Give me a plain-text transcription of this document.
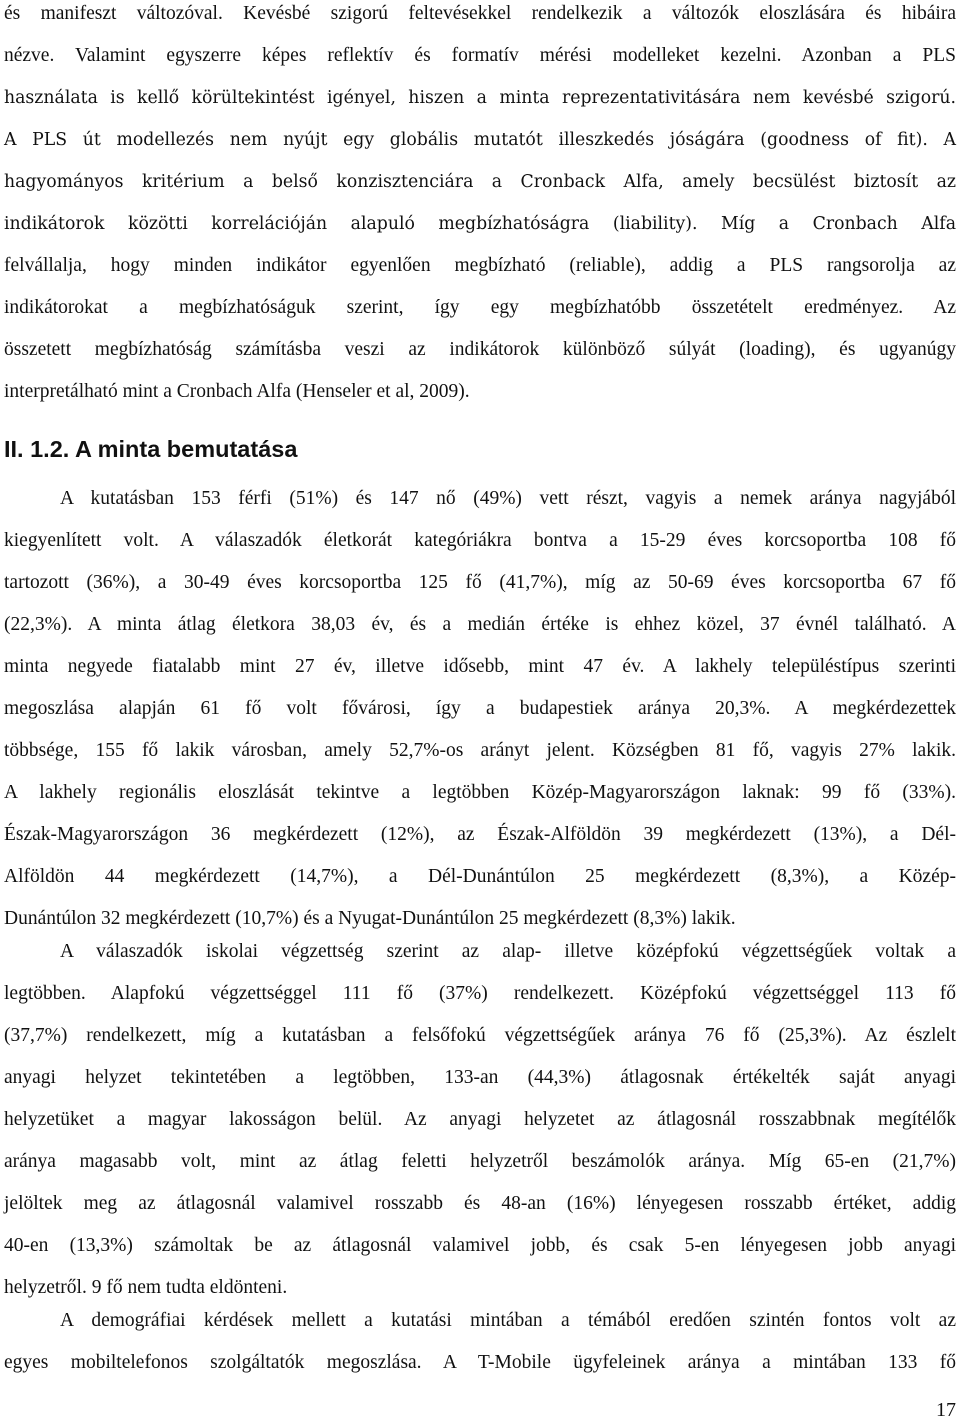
és manifeszt változóval. Kevésbé szigorú feltevésekkel rendelkezik a változók eloszlására és hibáira
nézve. Valamint egyszerre képes reflektív és formatív mérési modelleket kezelni. Azonban a PLS
használata is kellő körültekintést igényel, hiszen a minta reprezentativitására nem kevésbé szigorú.
A PLS út modellezés nem nyújt egy globális mutatót illeszkedés jóságára (goodness of fit). A
hagyományos kritérium a belső konzisztenciára a Cronback Alfa, amely becsülést biztosít az
indikátorok közötti korrelációján alapuló megbízhatóságra (liability). Míg a Cronbach Alfa
felvállalja, hogy minden indikátor egyenlően megbízható (reliable), addig a PLS rangsorolja az
indikátorokat a megbízhatóságuk szerint, így egy megbízhatóbb összetételt eredményez. Az
összetett megbízhatóság számításba veszi az indikátorok különböző súlyát (loading), és ugyanúgy
interpretálható mint a Cronbach Alfa (Henseler et al, 2009).
II. 1.2. A minta bemutatása
A kutatásban 153 férfi (51%) és 147 nő (49%) vett részt, vagyis a nemek aránya nagyjából
kiegyenlített volt. A válaszadók életkorát kategóriákra bontva a 15-29 éves korcsoportba 108 fő
tartozott (36%), a 30-49 éves korcsoportba 125 fő (41,7%), míg az 50-69 éves korcsoportba 67 fő
(22,3%). A minta átlag életkora 38,03 év, és a medián értéke is ehhez közel, 37 évnél található. A
minta negyede fiatalabb mint 27 év, illetve idősebb, mint 47 év. A lakhely településtípus szerinti
megoszlása alapján 61 fő volt fővárosi, így a budapestiek aránya 20,3%. A megkérdezettek
többsége, 155 fő lakik városban, amely 52,7%-os arányt jelent. Községben 81 fő, vagyis 27% lakik.
A lakhely regionális eloszlását tekintve a legtöbben Közép-Magyarországon laknak: 99 fő (33%).
Észak-Magyarországon 36 megkérdezett (12%), az Észak-Alföldön 39 megkérdezett (13%), a Dél-
Alföldön 44 megkérdezett (14,7%), a Dél-Dunántúlon 25 megkérdezett (8,3%), a Közép-
Dunántúlon 32 megkérdezett (10,7%) és a Nyugat-Dunántúlon 25 megkérdezett (8,3%) lakik.
A válaszadók iskolai végzettség szerint az alap- illetve középfokú végzettségűek voltak a
legtöbben. Alapfokú végzettséggel 111 fő (37%) rendelkezett. Középfokú végzettséggel 113 fő
(37,7%) rendelkezett, míg a kutatásban a felsőfokú végzettségűek aránya 76 fő (25,3%). Az észlelt
anyagi helyzet tekintetében a legtöbben, 133-an (44,3%) átlagosnak értékelték saját anyagi
helyzetüket a magyar lakosságon belül. Az anyagi helyzetet az átlagosnál rosszabbnak megítélők
aránya magasabb volt, mint az átlag feletti helyzetről beszámolók aránya. Míg 65-en (21,7%)
jelöltek meg az átlagosnál valamivel rosszabb és 48-an (16%) lényegesen rosszabb értéket, addig
40-en (13,3%) számoltak be az átlagosnál valamivel jobb, és csak 5-en lényegesen jobb anyagi
helyzetről. 9 fő nem tudta eldönteni.
A demográfiai kérdések mellett a kutatási mintában a témából eredően szintén fontos volt az
egyes mobiltelefonos szolgáltatók megoszlása. A T-Mobile ügyfeleinek aránya a mintában 133 fő
17
